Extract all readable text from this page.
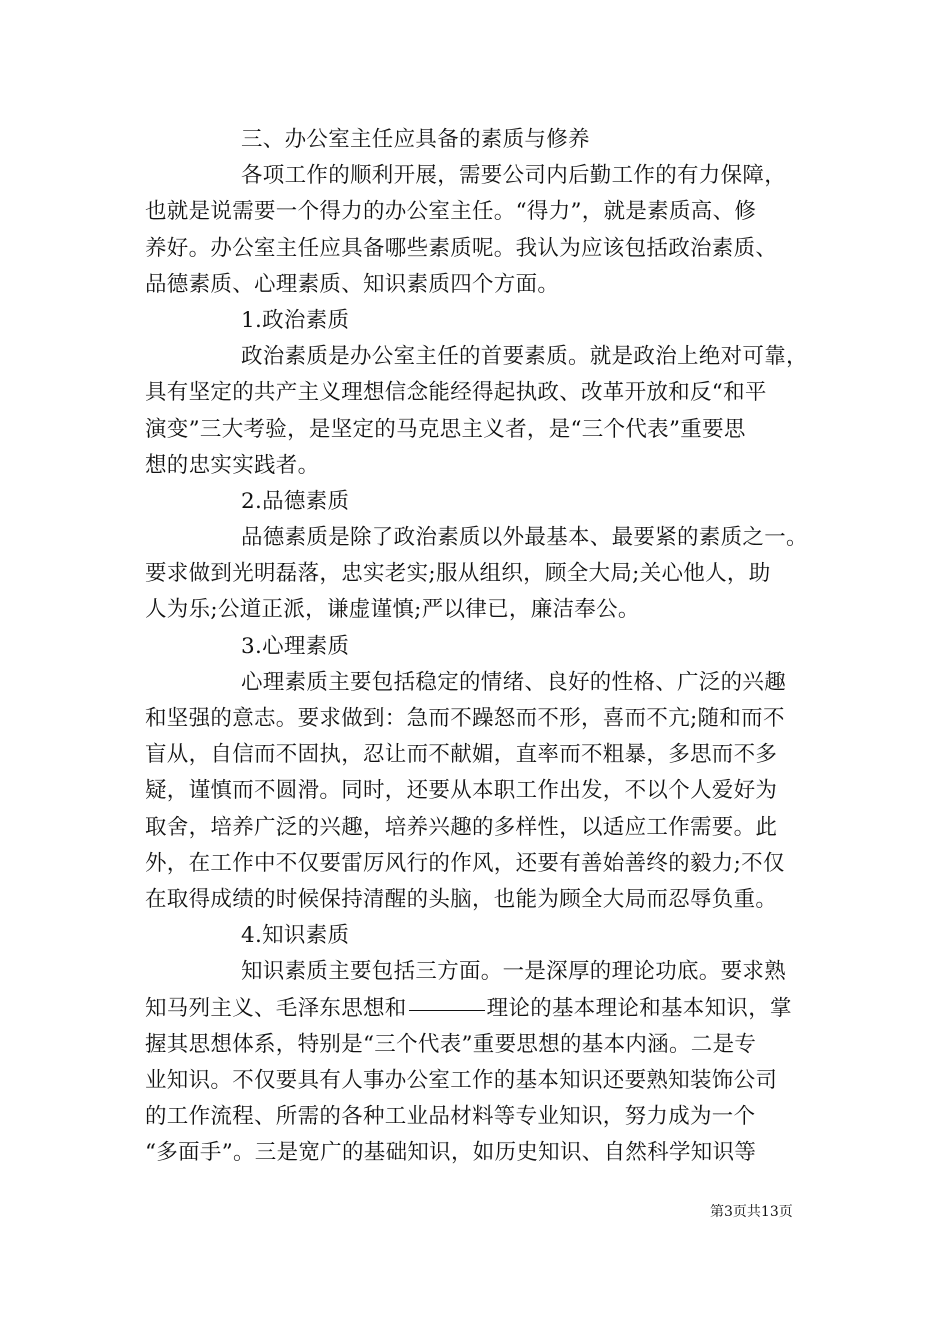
三、办公室主任应具备的素质与修养
各项工作的顺利开展，需要公司内后勤工作的有力保障，
也就是说需要一个得力的办公室主任。“得力”，就是素质高、修
养好。办公室主任应具备哪些素质呢。我认为应该包括政治素质、
品德素质、心理素质、知识素质四个方面。
1.政治素质
政治素质是办公室主任的首要素质。就是政治上绝对可靠，
具有坚定的共产主义理想信念能经得起执政、改革开放和反“和平
演变”三大考验，是坚定的马克思主义者，是“三个代表”重要思
想的忠实实践者。
2.品德素质
品德素质是除了政治素质以外最基本、最要紧的素质之一。
要求做到光明磊落，忠实老实;服从组织，顾全大局;关心他人，助
人为乐;公道正派，谦虚谨慎;严以律已，廉洁奉公。
3.心理素质
心理素质主要包括稳定的情绪、良好的性格、广泛的兴趣
和坚强的意志。要求做到：急而不躁怒而不形，喜而不亢;随和而不
盲从，自信而不固执，忍让而不献媚，直率而不粗暴，多思而不多
疑，谨慎而不圆滑。同时，还要从本职工作出发，不以个人爱好为
取舍，培养广泛的兴趣，培养兴趣的多样性，以适应工作需要。此
外，在工作中不仅要雷厉风行的作风，还要有善始善终的毅力;不仅
在取得成绩的时候保持清醒的头脑，也能为顾全大局而忍辱负重。
4.知识素质
知识素质主要包括三方面。一是深厚的理论功底。要求熟
知马列主义、毛泽东思想和	理论的基本理论和基本知识，掌
握其思想体系，特别是“三个代表”重要思想的基本内涵。二是专
业知识。不仅要具有人事办公室工作的基本知识还要熟知装饰公司
的工作流程、所需的各种工业品材料等专业知识，努力成为一个
“多面手”。三是宽广的基础知识，如历史知识、自然科学知识等
第3页共13页
